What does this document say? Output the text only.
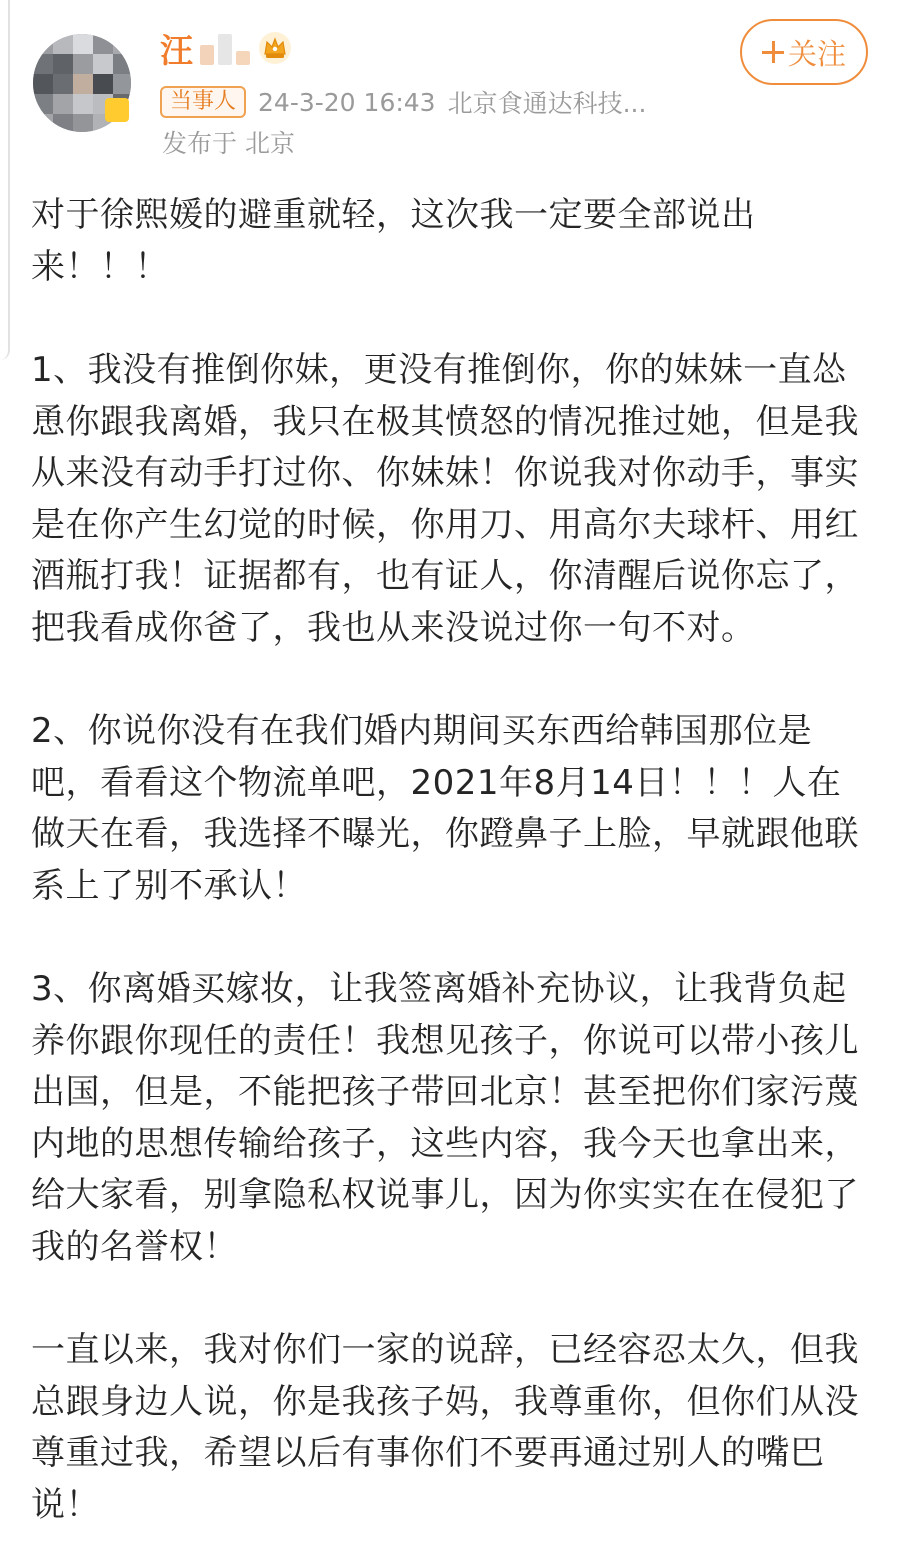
汪
当事人 24-3-20 16:43 北京食通达科技...
发布于 北京
关注

对于徐熙媛的避重就轻，这次我一定要全部说出来！！！

1、我没有推倒你妹，更没有推倒你，你的妹妹一直怂恿你跟我离婚，我只在极其愤怒的情况推过她，但是我从来没有动手打过你、你妹妹！你说我对你动手，事实是在你产生幻觉的时候，你用刀、用高尔夫球杆、用红酒瓶打我！证据都有，也有证人，你清醒后说你忘了，把我看成你爸了，我也从来没说过你一句不对。

2、你说你没有在我们婚内期间买东西给韩国那位是吧，看看这个物流单吧，2021年8月14日！！！人在做天在看，我选择不曝光，你蹬鼻子上脸，早就跟他联系上了别不承认！

3、你离婚买嫁妆，让我签离婚补充协议，让我背负起养你跟你现任的责任！我想见孩子，你说可以带小孩儿出国，但是，不能把孩子带回北京！甚至把你们家污蔑内地的思想传输给孩子，这些内容，我今天也拿出来，给大家看，别拿隐私权说事儿，因为你实实在在侵犯了我的名誉权！

一直以来，我对你们一家的说辞，已经容忍太久，但我总跟身边人说，你是我孩子妈，我尊重你，但你们从没尊重过我，希望以后有事你们不要再通过别人的嘴巴说！
